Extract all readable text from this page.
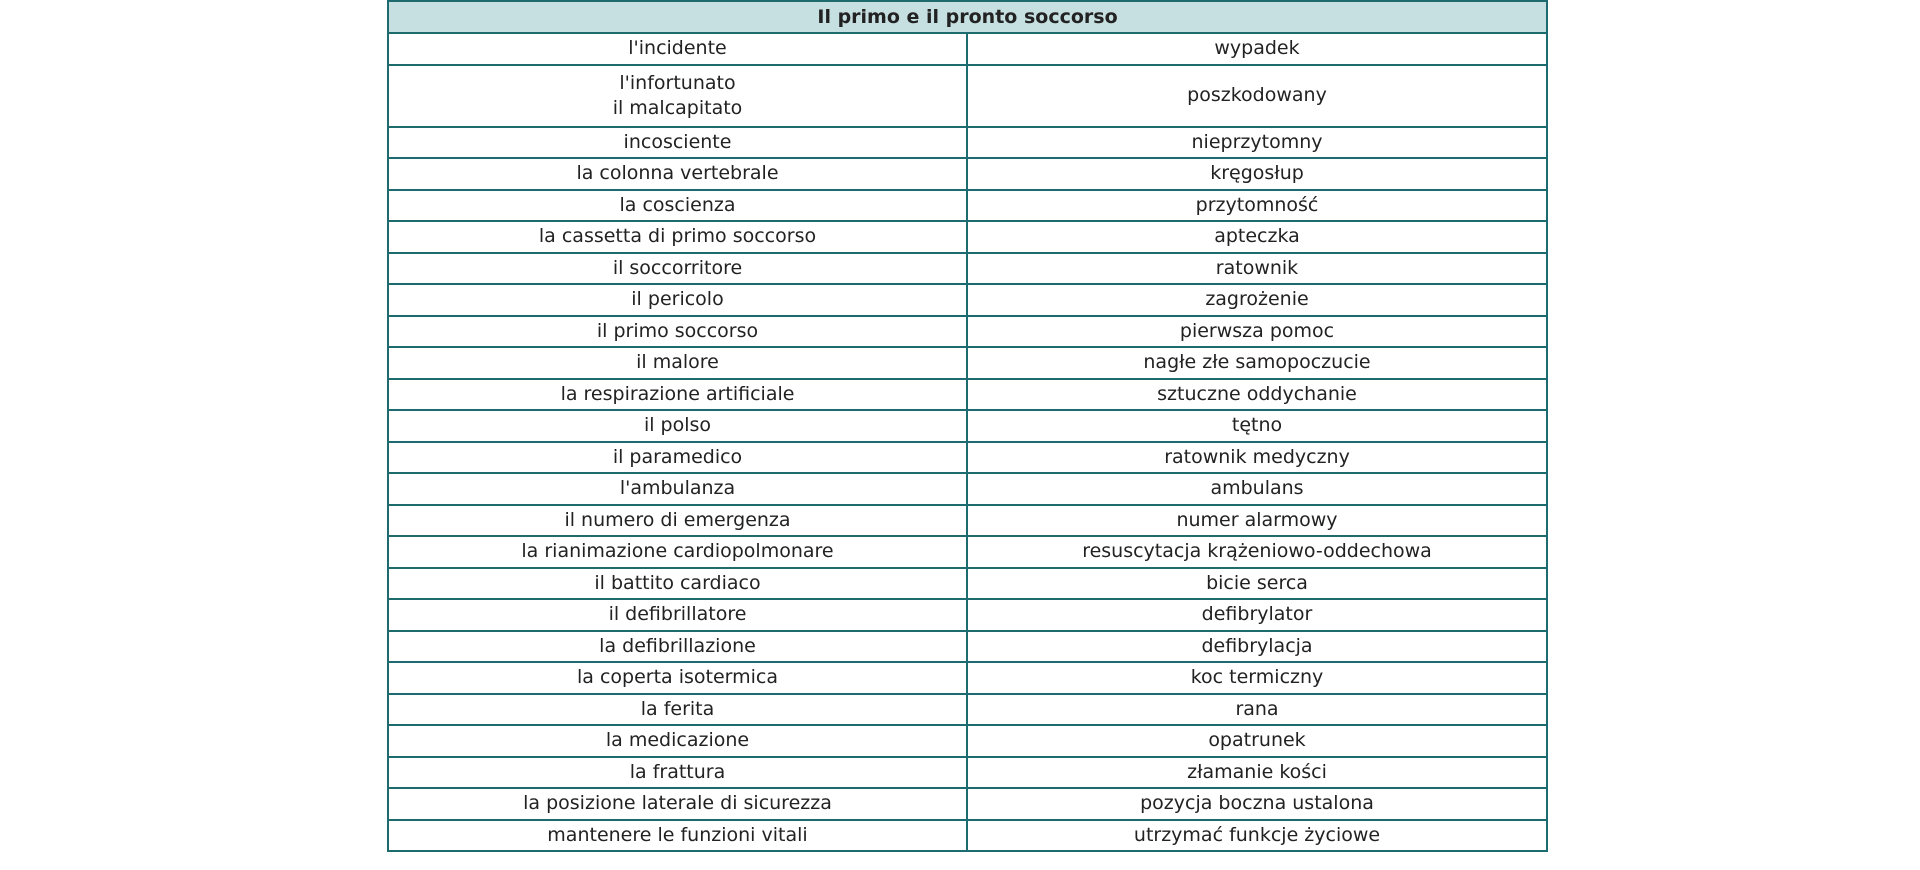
Il primo e il pronto soccorso	
l'incidente	wypadek

l'infortunato
il malcapitato	poszkodowany
incosciente	nieprzytomny
la colonna vertebrale	kręgosłup
la coscienza	przytomność
la cassetta di primo soccorso	apteczka
il soccorritore	ratownik
il pericolo	zagrożenie
il primo soccorso	pierwsza pomoc
il malore	nagłe złe samopoczucie
la respirazione artificiale	sztuczne oddychanie
il polso	tętno
il paramedico	ratownik medyczny
l'ambulanza	ambulans
il numero di emergenza	numer alarmowy
la rianimazione cardiopolmonare	resuscytacja krążeniowo-oddechowa
il battito cardiaco	bicie serca
il defibrillatore	defibrylator
la defibrillazione	defibrylacja
la coperta isotermica	koc termiczny
la ferita	rana
la medicazione	opatrunek
la frattura	złamanie kości
la posizione laterale di sicurezza	pozycja boczna ustalona
mantenere le funzioni vitali	utrzymać funkcje życiowe
